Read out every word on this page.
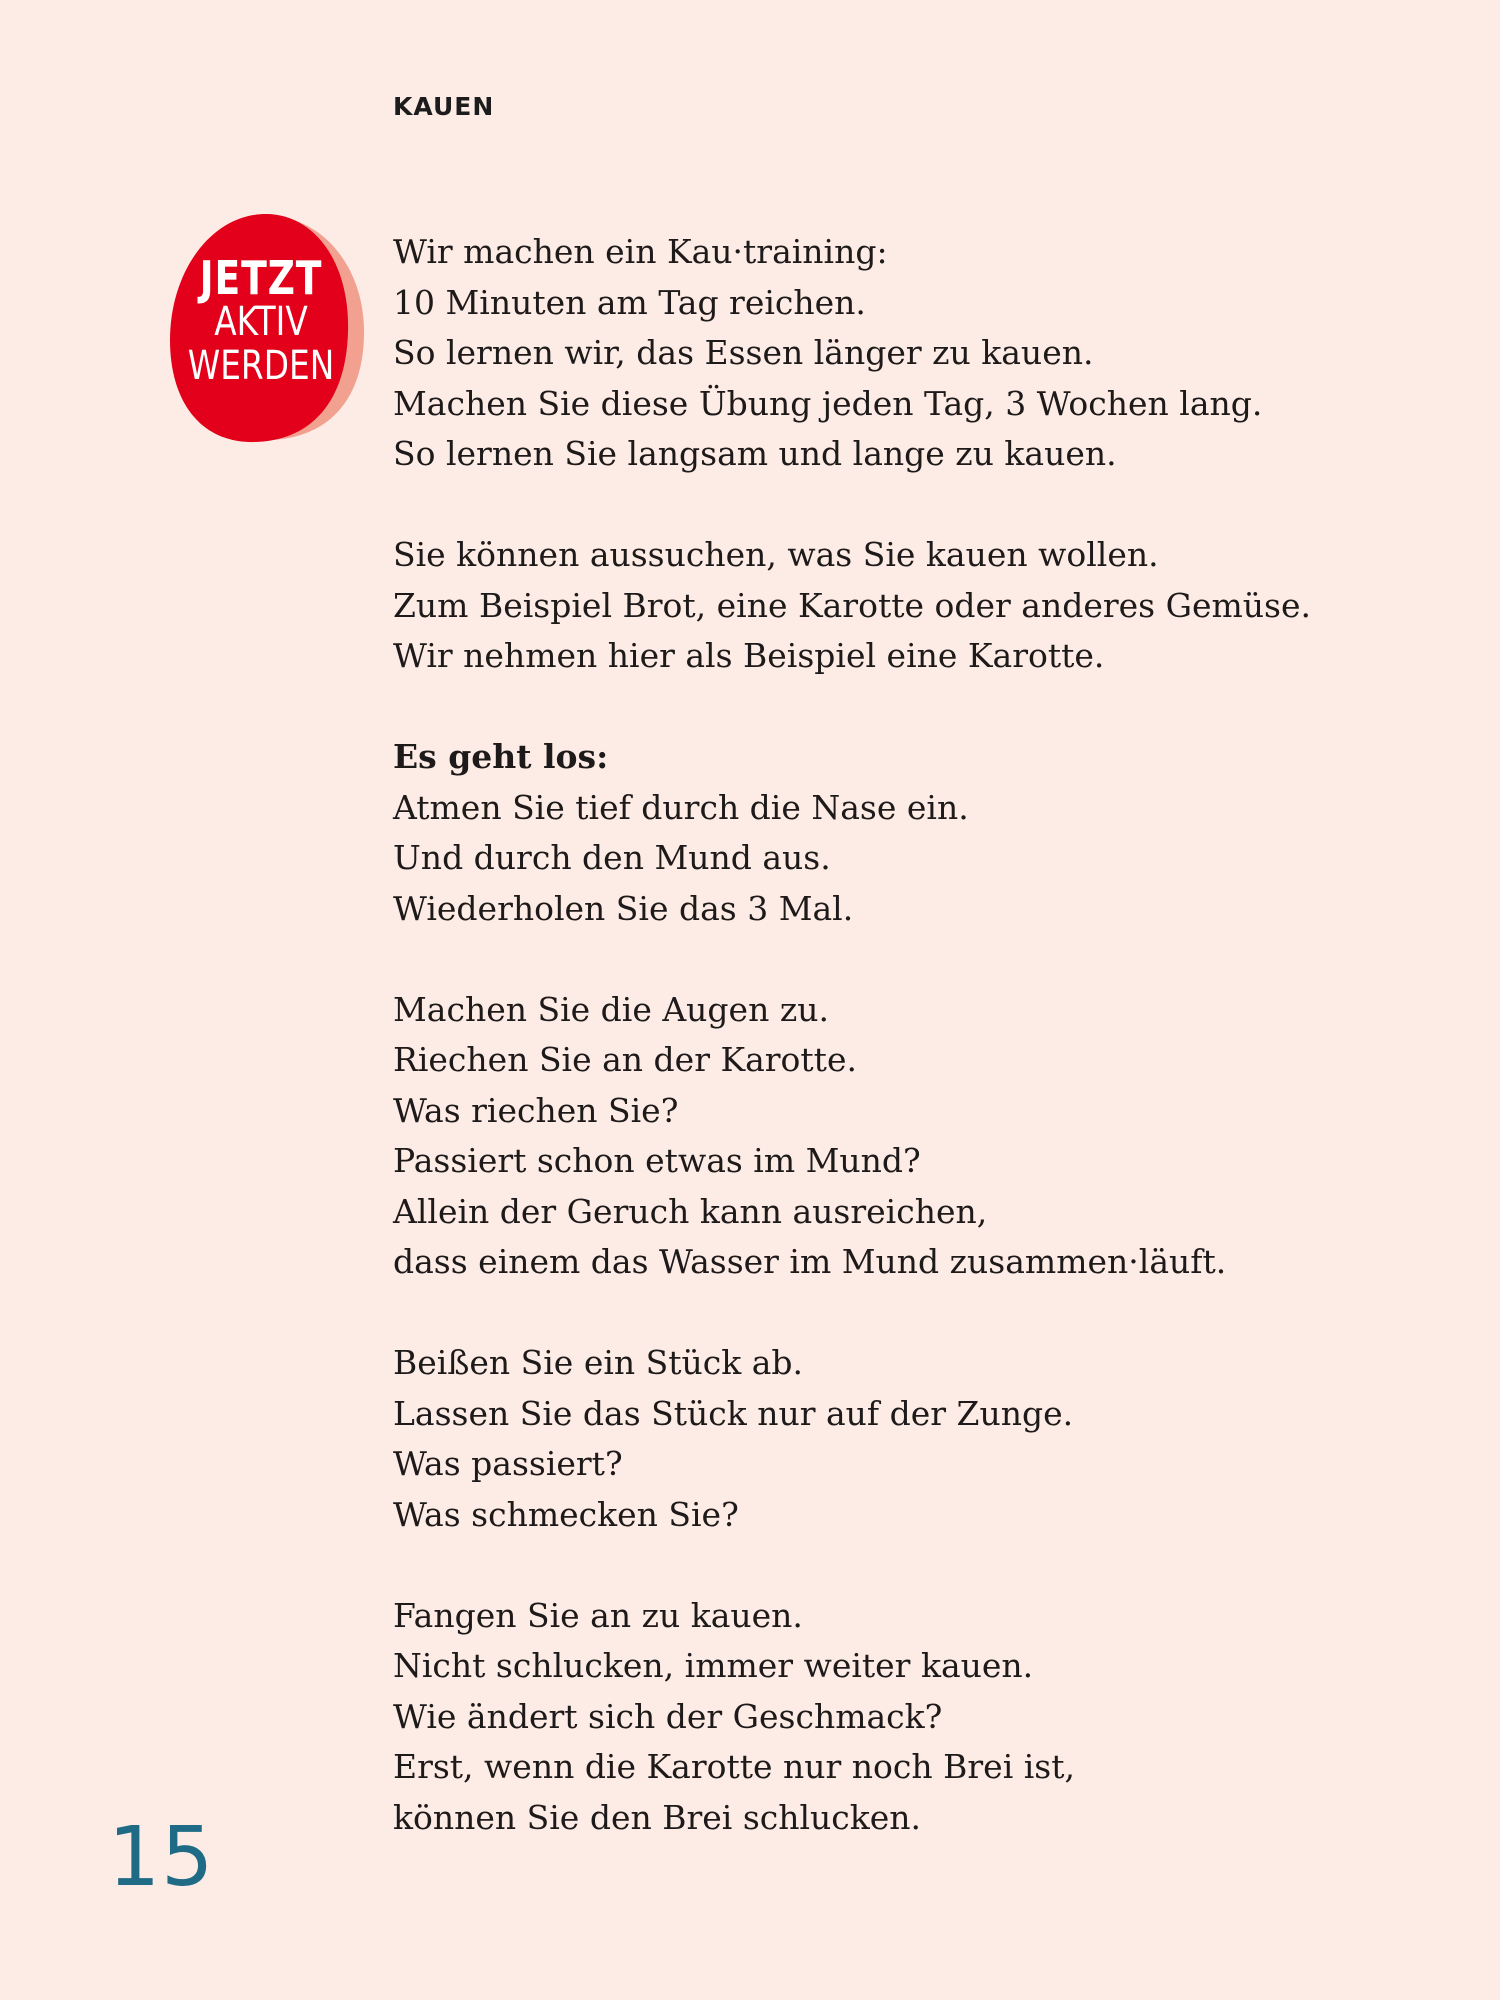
KAUEN
JETZT
AKTIV
WERDEN
Wir machen ein Kau·training:
10 Minuten am Tag reichen.
So lernen wir, das Essen länger zu kauen.
Machen Sie diese Übung jeden Tag, 3 Wochen lang.
So lernen Sie langsam und lange zu kauen.
Sie können aussuchen, was Sie kauen wollen.
Zum Beispiel Brot, eine Karotte oder anderes Gemüse.
Wir nehmen hier als Beispiel eine Karotte.
Es geht los:
Atmen Sie tief durch die Nase ein.
Und durch den Mund aus.
Wiederholen Sie das 3 Mal.
Machen Sie die Augen zu.
Riechen Sie an der Karotte.
Was riechen Sie?
Passiert schon etwas im Mund?
Allein der Geruch kann ausreichen,
dass einem das Wasser im Mund zusammen·läuft.
Beißen Sie ein Stück ab.
Lassen Sie das Stück nur auf der Zunge.
Was passiert?
Was schmecken Sie?
Fangen Sie an zu kauen.
Nicht schlucken, immer weiter kauen.
Wie ändert sich der Geschmack?
Erst, wenn die Karotte nur noch Brei ist,
können Sie den Brei schlucken.
15
